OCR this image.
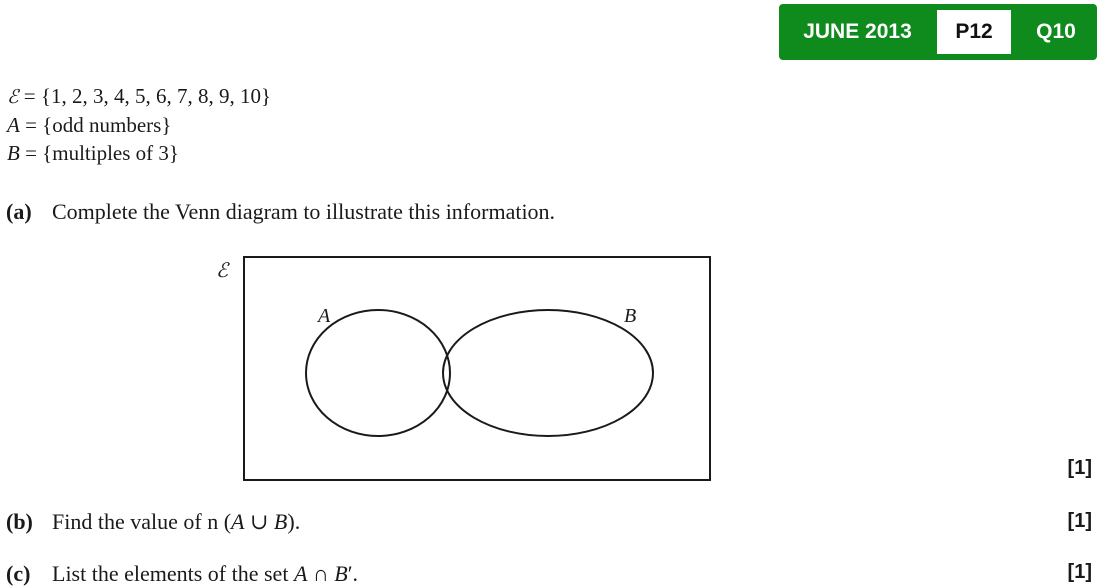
JUNE 2013	P12	Q10
ℰ = {1, 2, 3, 4, 5, 6, 7, 8, 9, 10}
A = {odd numbers}
B = {multiples of 3}
(a) Complete the Venn diagram to illustrate this information.
ℰ
A	B
[1]
[1]
[1]
(b) Find the value of n (A ∪ B).
(c) List the elements of the set A ∩ B′.
